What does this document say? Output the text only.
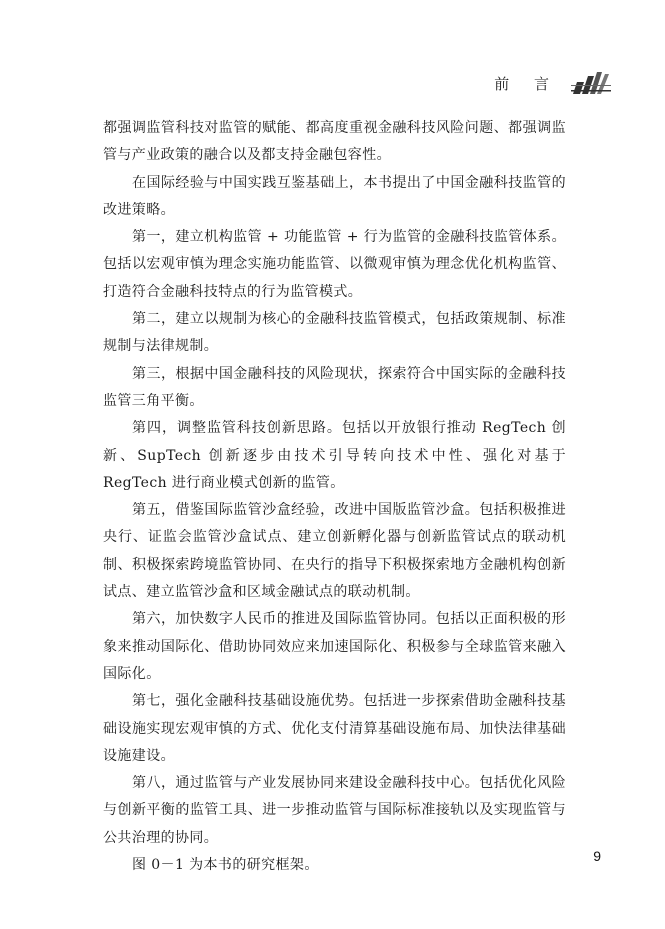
前 言

都强调监管科技对监管的赋能、都高度重视金融科技风险问题、都强调监管与产业政策的融合以及都支持金融包容性。

在国际经验与中国实践互鉴基础上，本书提出了中国金融科技监管的改进策略。

第一，建立机构监管 + 功能监管 + 行为监管的金融科技监管体系。包括以宏观审慎为理念实施功能监管、以微观审慎为理念优化机构监管、打造符合金融科技特点的行为监管模式。

第二，建立以规制为核心的金融科技监管模式，包括政策规制、标准规制与法律规制。

第三，根据中国金融科技的风险现状，探索符合中国实际的金融科技监管三角平衡。

第四，调整监管科技创新思路。包括以开放银行推动 RegTech 创新、SupTech 创新逐步由技术引导转向技术中性、强化对基于 RegTech 进行商业模式创新的监管。

第五，借鉴国际监管沙盒经验，改进中国版监管沙盒。包括积极推进央行、证监会监管沙盒试点、建立创新孵化器与创新监管试点的联动机制、积极探索跨境监管协同、在央行的指导下积极探索地方金融机构创新试点、建立监管沙盒和区域金融试点的联动机制。

第六，加快数字人民币的推进及国际监管协同。包括以正面积极的形象来推动国际化、借助协同效应来加速国际化、积极参与全球监管来融入国际化。

第七，强化金融科技基础设施优势。包括进一步探索借助金融科技基础设施实现宏观审慎的方式、优化支付清算基础设施布局、加快法律基础设施建设。

第八，通过监管与产业发展协同来建设金融科技中心。包括优化风险与创新平衡的监管工具、进一步推动监管与国际标准接轨以及实现监管与公共治理的协同。

图 0－1 为本书的研究框架。

9
